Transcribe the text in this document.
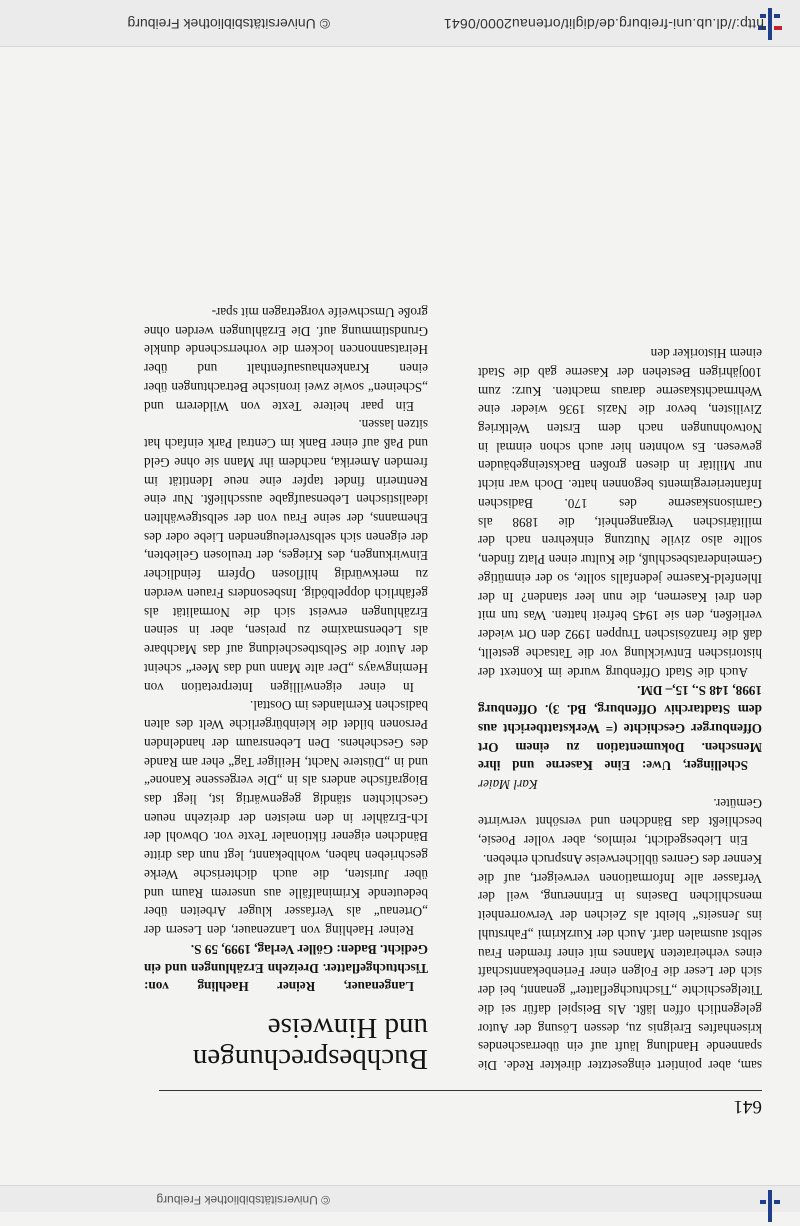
© Universitätsbibliothek Freiburg
641

sam, aber pointiert eingesetzter direkter Rede. Die spannende Handlung läuft auf ein überraschendes krisenhaftes Ereignis zu, dessen Lösung der Autor gelegentlich offen läßt. Als Beispiel dafür sei die Titelgeschichte „Tischtuchgeflatter“ genannt, bei der sich der Leser die Folgen einer Ferienbekanntschaft eines verheirateten Mannes mit einer fremden Frau selbst ausmalen darf. Auch der Kurzkrimi „Fahrstuhl ins Jenseits“ bleibt als Zeichen der Verworrenheit menschlichen Daseins in Erinnerung, weil der Verfasser alle Informationen verweigert, auf die Kenner des Genres üblicherweise Anspruch erheben.

Ein Liebesgedicht, reimlos, aber voller Poesie, beschließt das Bändchen und versöhnt verwirrte Gemüter.

Karl Maier

Schellinger, Uwe: Eine Kaserne und ihre Menschen. Dokumentation zu einem Ort Offenburger Geschichte (= Werkstattbericht aus dem Stadtarchiv Offenburg, Bd. 3). Offenburg 1998, 148 S., 15,– DM.

Auch die Stadt Offenburg wurde im Kontext der historischen Entwicklung vor die Tatsache gestellt, daß die französischen Truppen 1992 den Ort wieder verließen, den sie 1945 befreit hatten. Was tun mit den drei Kasernen, die nun leer standen? In der Ihlenfeld-Kaserne jedenfalls sollte, so der einmütige Gemeinderatsbeschluß, die Kultur einen Platz finden, sollte also zivile Nutzung einkehren nach der militärischen Vergangenheit, die 1898 als Garnisonskaserne des 170. Badischen Infanterieregiments begonnen hatte. Doch war nicht nur Militär in diesen großen Backsteingebäuden gewesen. Es wohnten hier auch schon einmal in Notwohnungen nach dem Ersten Weltkrieg Zivilisten, bevor die Nazis 1936 wieder eine Wehrmachtskaserne daraus machten. Kurz: zum 100jährigen Bestehen der Kaserne gab die Stadt einem Historiker den

Buchbesprechungen und Hinweise

Langenauer, Reiner Haehling von: Tischtuchgeflatter. Dreizehn Erzählungen und ein Gedicht. Baden: Göller Verlag, 1999, 59 S.

Reiner Haehling von Lanzenauer, den Lesern der „Ortenau“ als Verfasser kluger Arbeiten über bedeutende Kriminalfälle aus unserem Raum und über Juristen, die auch dichterische Werke geschrieben haben, wohlbekannt, legt nun das dritte Bändchen eigener fiktionaler Texte vor. Obwohl der Ich-Erzähler in den meisten der dreizehn neuen Geschichten ständig gegenwärtig ist, liegt das Biografische anders als in „Die vergessene Kanone“ und in „Düstere Nacht, Heiliger Tag“ eher am Rande des Geschehens. Den Lebensraum der handelnden Personen bildet die kleinbürgerliche Welt des alten badischen Kernlandes im Oosttal.

In einer eigenwilligen Interpretation von Hemingways „Der alte Mann und das Meer“ scheint der Autor die Selbstbescheidung auf das Machbare als Lebensmaxime zu preisen, aber in seinen Erzählungen erweist sich die Normalität als gefährlich doppelbödig. Insbesonders Frauen werden zu merkwürdig hilflosen Opfern feindlicher Einwirkungen, des Krieges, der treulosen Geliebten, der eigenen sich selbstverleugnenden Liebe oder des Ehemanns, der seine Frau von der selbstgewählten idealistischen Lebensaufgabe ausschließt. Nur eine Rentnerin findet tapfer eine neue Identität im fremden Amerika, nachdem ihr Mann sie ohne Geld und Paß auf einer Bank im Central Park einfach hat sitzen lassen.

Ein paar heitere Texte von Wilderern und „Scheinen“ sowie zwei ironische Betrachtungen über einen Krankenhausaufenthalt und über Heiratsannoncen lockern die vorherrschende dunkle Grundstimmung auf. Die Erzählungen werden ohne große Umschweife vorgetragen mit spar-

http://dl.ub.uni-freiburg.de/diglit/ortenau2000/0641
© Universitätsbibliothek Freiburg
